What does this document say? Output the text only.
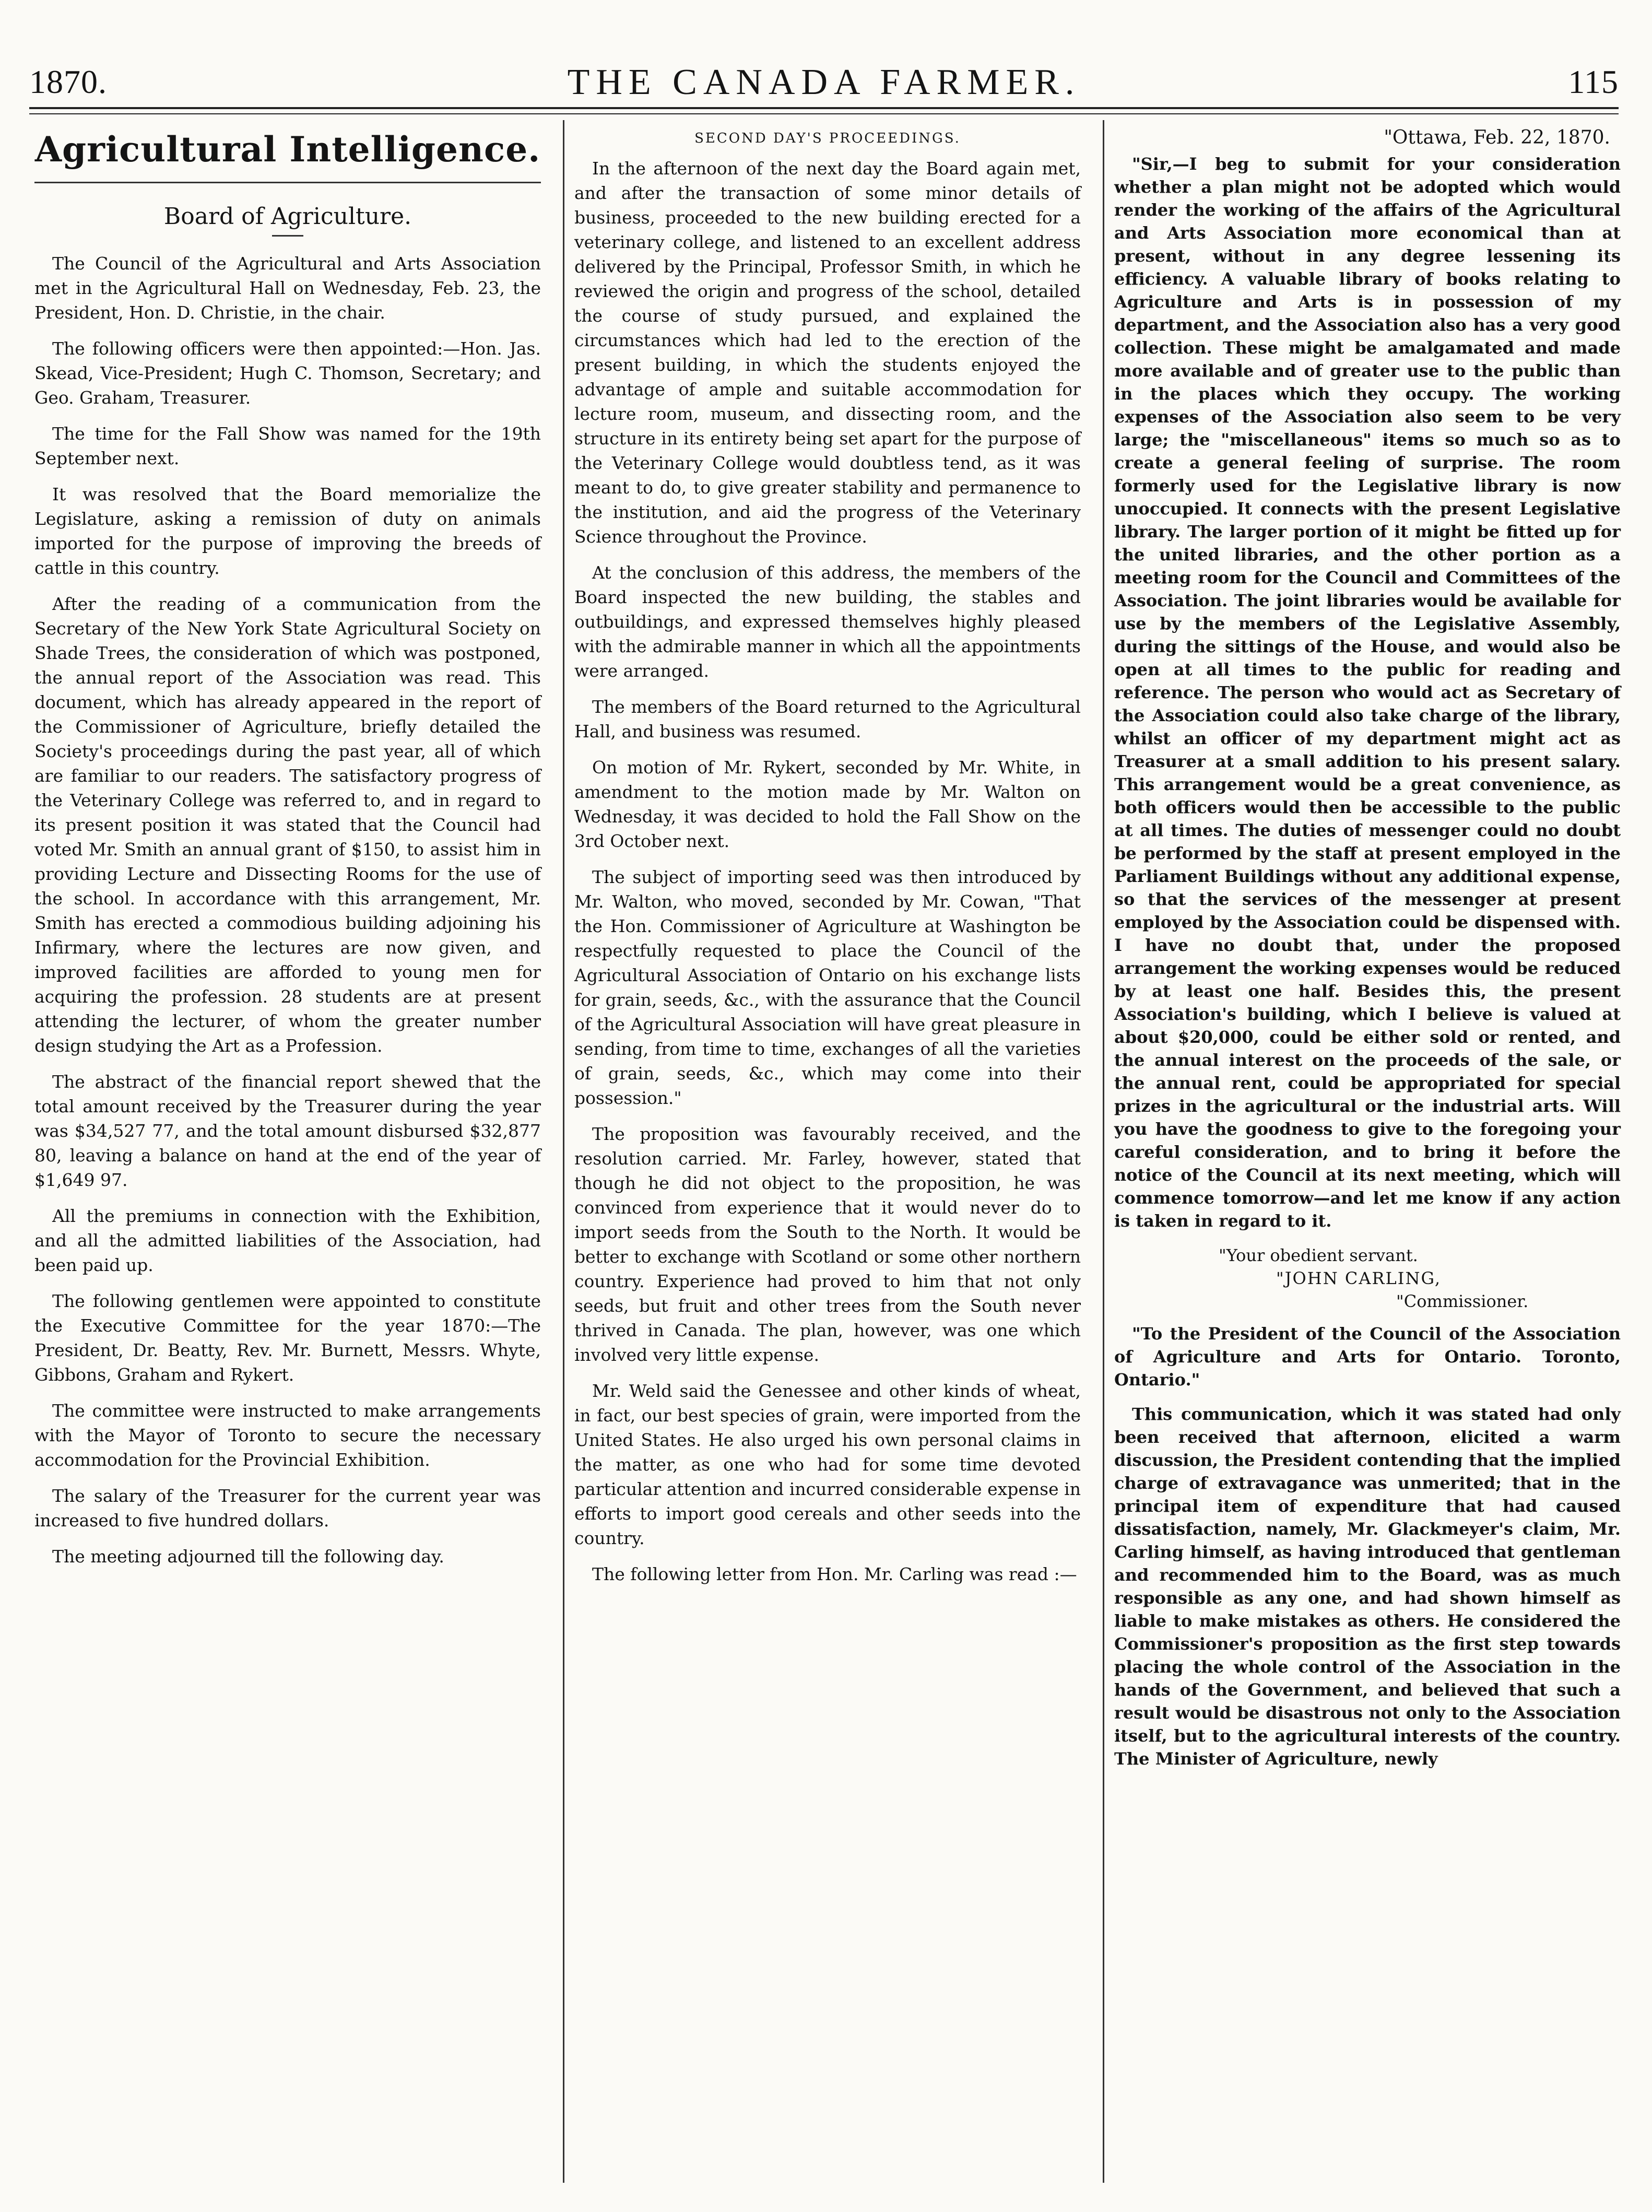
1870.	THE CANADA FARMER.	115
Agricultural Intelligence.
Board of Agriculture.

The Council of the Agricultural and Arts Association met in the Agricultural Hall on Wednesday, Feb. 23, the President, Hon. D. Christie, in the chair.

The following officers were then appointed:—Hon. Jas. Skead, Vice-President; Hugh C. Thomson, Secretary; and Geo. Graham, Treasurer.

The time for the Fall Show was named for the 19th September next.

It was resolved that the Board memorialize the Legislature, asking a remission of duty on animals imported for the purpose of improving the breeds of cattle in this country.

After the reading of a communication from the Secretary of the New York State Agricultural Society on Shade Trees, the consideration of which was postponed, the annual report of the Association was read. This document, which has already appeared in the report of the Commissioner of Agriculture, briefly detailed the Society's proceedings during the past year, all of which are familiar to our readers. The satisfactory progress of the Veterinary College was referred to, and in regard to its present position it was stated that the Council had voted Mr. Smith an annual grant of $150, to assist him in providing Lecture and Dissecting Rooms for the use of the school. In accordance with this arrangement, Mr. Smith has erected a commodious building adjoining his Infirmary, where the lectures are now given, and improved facilities are afforded to young men for acquiring the profession. 28 students are at present attending the lecturer, of whom the greater number design studying the Art as a Profession.

The abstract of the financial report shewed that the total amount received by the Treasurer during the year was $34,527 77, and the total amount disbursed $32,877 80, leaving a balance on hand at the end of the year of $1,649 97.

All the premiums in connection with the Exhibition, and all the admitted liabilities of the Association, had been paid up.

The following gentlemen were appointed to constitute the Executive Committee for the year 1870:—The President, Dr. Beatty, Rev. Mr. Burnett, Messrs. Whyte, Gibbons, Graham and Rykert.

The committee were instructed to make arrangements with the Mayor of Toronto to secure the necessary accommodation for the Provincial Exhibition.

The salary of the Treasurer for the current year was increased to five hundred dollars.

The meeting adjourned till the following day.

SECOND DAY'S PROCEEDINGS.

In the afternoon of the next day the Board again met, and after the transaction of some minor details of business, proceeded to the new building erected for a veterinary college, and listened to an excellent address delivered by the Principal, Professor Smith, in which he reviewed the origin and progress of the school, detailed the course of study pursued, and explained the circumstances which had led to the erection of the present building, in which the students enjoyed the advantage of ample and suitable accommodation for lecture room, museum, and dissecting room, and the structure in its entirety being set apart for the purpose of the Veterinary College would doubtless tend, as it was meant to do, to give greater stability and permanence to the institution, and aid the progress of the Veterinary Science throughout the Province.

At the conclusion of this address, the members of the Board inspected the new building, the stables and outbuildings, and expressed themselves highly pleased with the admirable manner in which all the appointments were arranged.

The members of the Board returned to the Agricultural Hall, and business was resumed.

On motion of Mr. Rykert, seconded by Mr. White, in amendment to the motion made by Mr. Walton on Wednesday, it was decided to hold the Fall Show on the 3rd October next.

The subject of importing seed was then introduced by Mr. Walton, who moved, seconded by Mr. Cowan, "That the Hon. Commissioner of Agriculture at Washington be respectfully requested to place the Council of the Agricultural Association of Ontario on his exchange lists for grain, seeds, &c., with the assurance that the Council of the Agricultural Association will have great pleasure in sending, from time to time, exchanges of all the varieties of grain, seeds, &c., which may come into their possession."

The proposition was favourably received, and the resolution carried. Mr. Farley, however, stated that though he did not object to the proposition, he was convinced from experience that it would never do to import seeds from the South to the North. It would be better to exchange with Scotland or some other northern country. Experience had proved to him that not only seeds, but fruit and other trees from the South never thrived in Canada. The plan, however, was one which involved very little expense.

Mr. Weld said the Genessee and other kinds of wheat, in fact, our best species of grain, were imported from the United States. He also urged his own personal claims in the matter, as one who had for some time devoted particular attention and incurred considerable expense in efforts to import good cereals and other seeds into the country.

The following letter from Hon. Mr. Carling was read :—

"Ottawa, Feb. 22, 1870.

"Sir,—I beg to submit for your consideration whether a plan might not be adopted which would render the working of the affairs of the Agricultural and Arts Association more economical than at present, without in any degree lessening its efficiency. A valuable library of books relating to Agriculture and Arts is in possession of my department, and the Association also has a very good collection. These might be amalgamated and made more available and of greater use to the public than in the places which they occupy. The working expenses of the Association also seem to be very large; the "miscellaneous" items so much so as to create a general feeling of surprise. The room formerly used for the Legislative library is now unoccupied. It connects with the present Legislative library. The larger portion of it might be fitted up for the united libraries, and the other portion as a meeting room for the Council and Committees of the Association. The joint libraries would be available for use by the members of the Legislative Assembly, during the sittings of the House, and would also be open at all times to the public for reading and reference. The person who would act as Secretary of the Association could also take charge of the library, whilst an officer of my department might act as Treasurer at a small addition to his present salary. This arrangement would be a great convenience, as both officers would then be accessible to the public at all times. The duties of messenger could no doubt be performed by the staff at present employed in the Parliament Buildings without any additional expense, so that the services of the messenger at present employed by the Association could be dispensed with. I have no doubt that, under the proposed arrangement the working expenses would be reduced by at least one half. Besides this, the present Association's building, which I believe is valued at about $20,000, could be either sold or rented, and the annual interest on the proceeds of the sale, or the annual rent, could be appropriated for special prizes in the agricultural or the industrial arts. Will you have the goodness to give to the foregoing your careful consideration, and to bring it before the notice of the Council at its next meeting, which will commence tomorrow—and let me know if any action is taken in regard to it.

"Your obedient servant.
"JOHN CARLING,
"Commissioner.

"To the President of the Council of the Association of Agriculture and Arts for Ontario. Toronto, Ontario."

This communication, which it was stated had only been received that afternoon, elicited a warm discussion, the President contending that the implied charge of extravagance was unmerited; that in the principal item of expenditure that had caused dissatisfaction, namely, Mr. Glackmeyer's claim, Mr. Carling himself, as having introduced that gentleman and recommended him to the Board, was as much responsible as any one, and had shown himself as liable to make mistakes as others. He considered the Commissioner's proposition as the first step towards placing the whole control of the Association in the hands of the Government, and believed that such a result would be disastrous not only to the Association itself, but to the agricultural interests of the country. The Minister of Agriculture, newly
